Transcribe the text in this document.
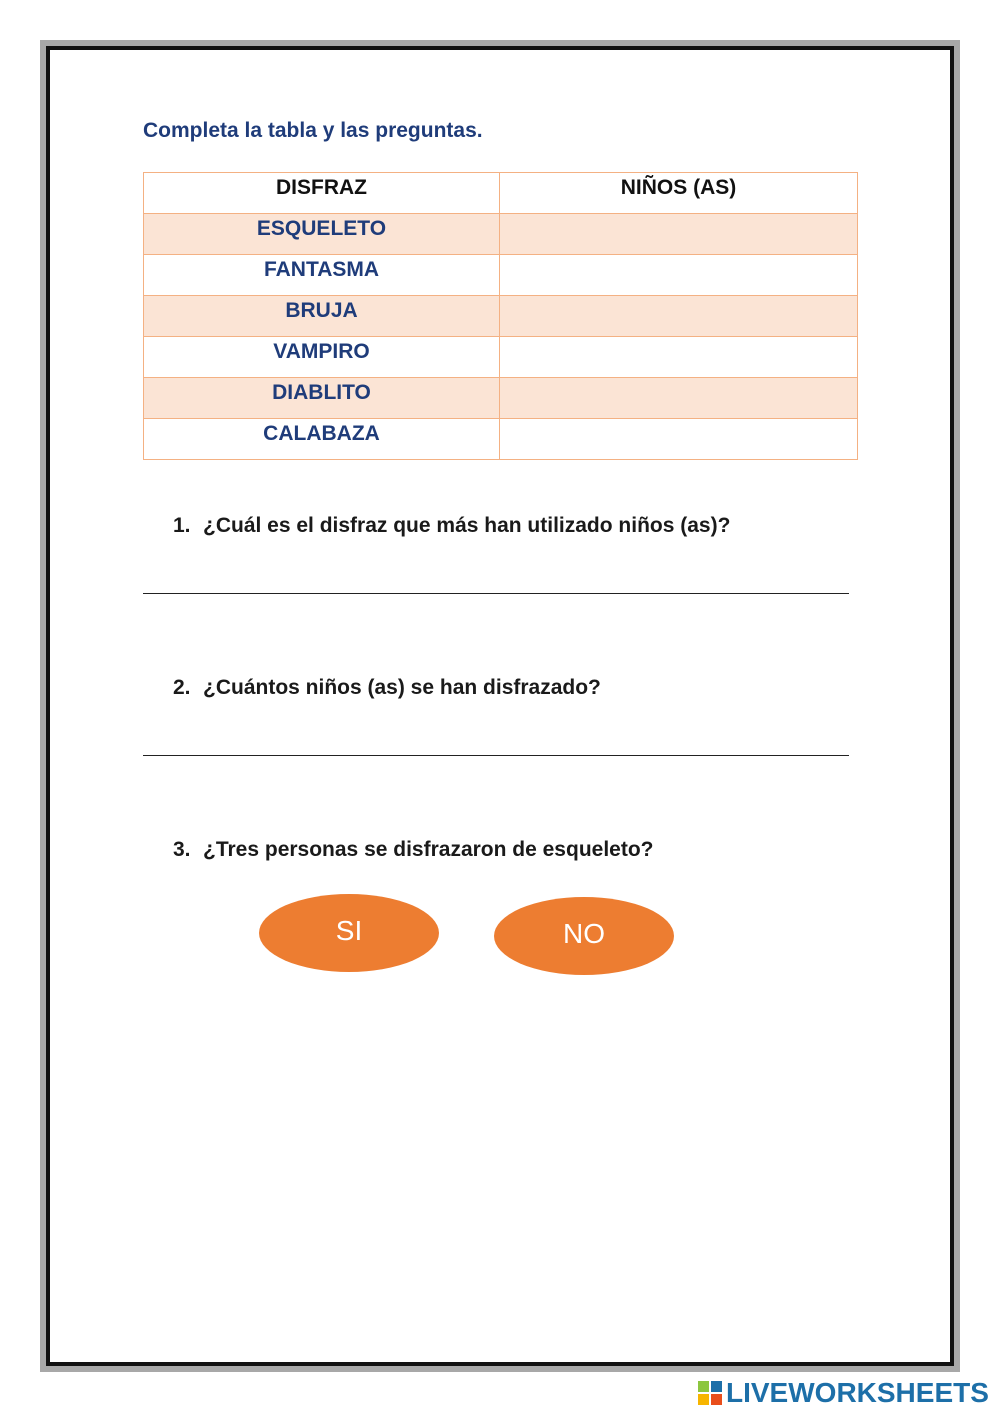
Completa la tabla y las preguntas.
DISFRAZ	NIÑOS (AS)
ESQUELETO	
FANTASMA	
BRUJA	
VAMPIRO	
DIABLITO	
CALABAZA	
1. ¿Cuál es el disfraz que más han utilizado niños (as)?
2. ¿Cuántos niños (as) se han disfrazado?
3. ¿Tres personas se disfrazaron de esqueleto?
SI	NO
LIVEWORKSHEETS
